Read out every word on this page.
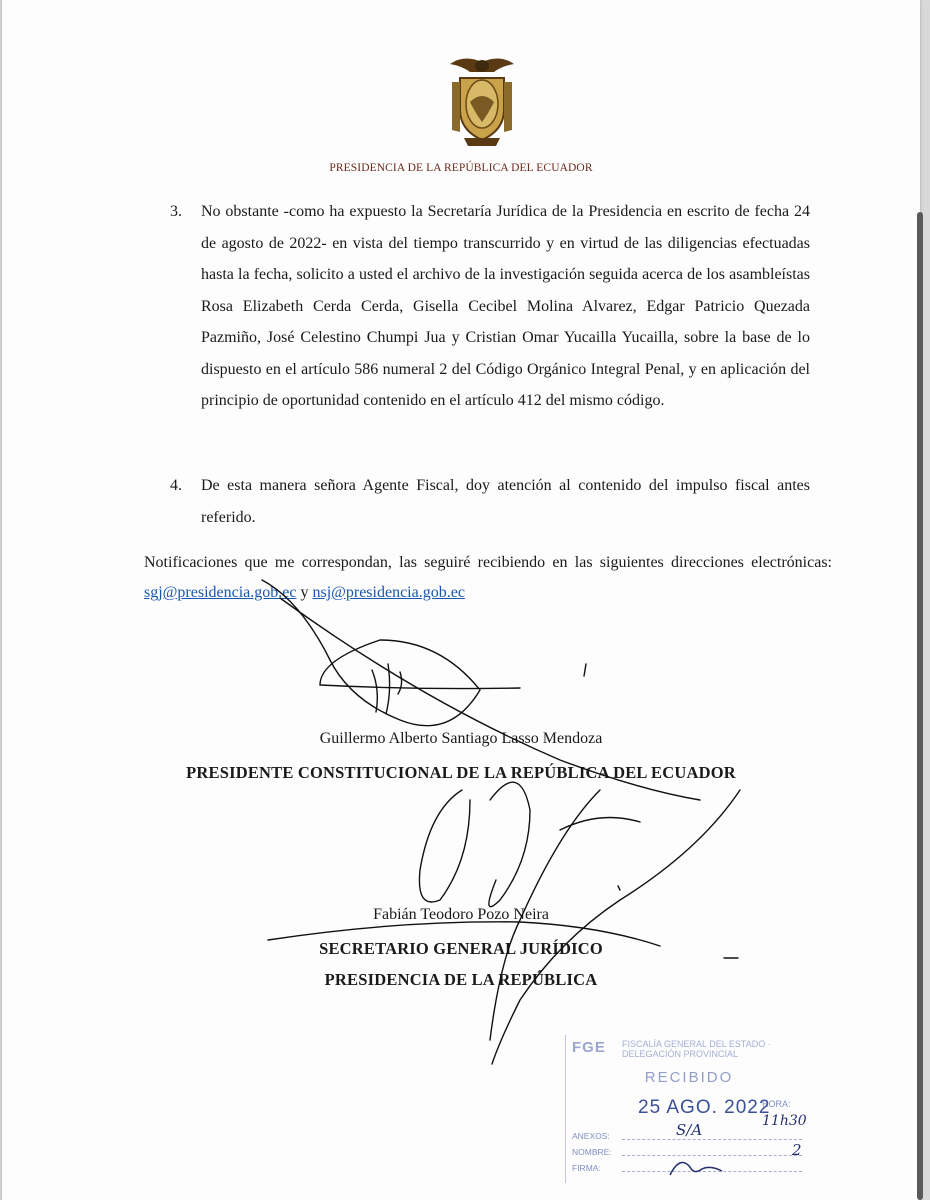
PRESIDENCIA DE LA REPÚBLICA DEL ECUADOR
3. No obstante -como ha expuesto la Secretaría Jurídica de la Presidencia en escrito de fecha 24 de agosto de 2022- en vista del tiempo transcurrido y en virtud de las diligencias efectuadas hasta la fecha, solicito a usted el archivo de la investigación seguida acerca de los asambleístas Rosa Elizabeth Cerda Cerda, Gisella Cecibel Molina Alvarez, Edgar Patricio Quezada Pazmiño, José Celestino Chumpi Jua y Cristian Omar Yucailla Yucailla, sobre la base de lo dispuesto en el artículo 586 numeral 2 del Código Orgánico Integral Penal, y en aplicación del principio de oportunidad contenido en el artículo 412 del mismo código.
4. De esta manera señora Agente Fiscal, doy atención al contenido del impulso fiscal antes referido.
Notificaciones que me correspondan, las seguiré recibiendo en las siguientes direcciones electrónicas: sgj@presidencia.gob.ec y nsj@presidencia.gob.ec
Guillermo Alberto Santiago Lasso Mendoza
PRESIDENTE CONSTITUCIONAL DE LA REPÚBLICA DEL ECUADOR
Fabián Teodoro Pozo Neira
SECRETARIO GENERAL JURÍDICO
PRESIDENCIA DE LA REPÚBLICA
FGE	FISCALÍA GENERAL DEL ESTADO · DELEGACIÓN PROVINCIAL
RECIBIDO
25 AGO. 2022
HORA:
11h30
ANEXOS:	S/A
NOMBRE:	2
FIRMA:
